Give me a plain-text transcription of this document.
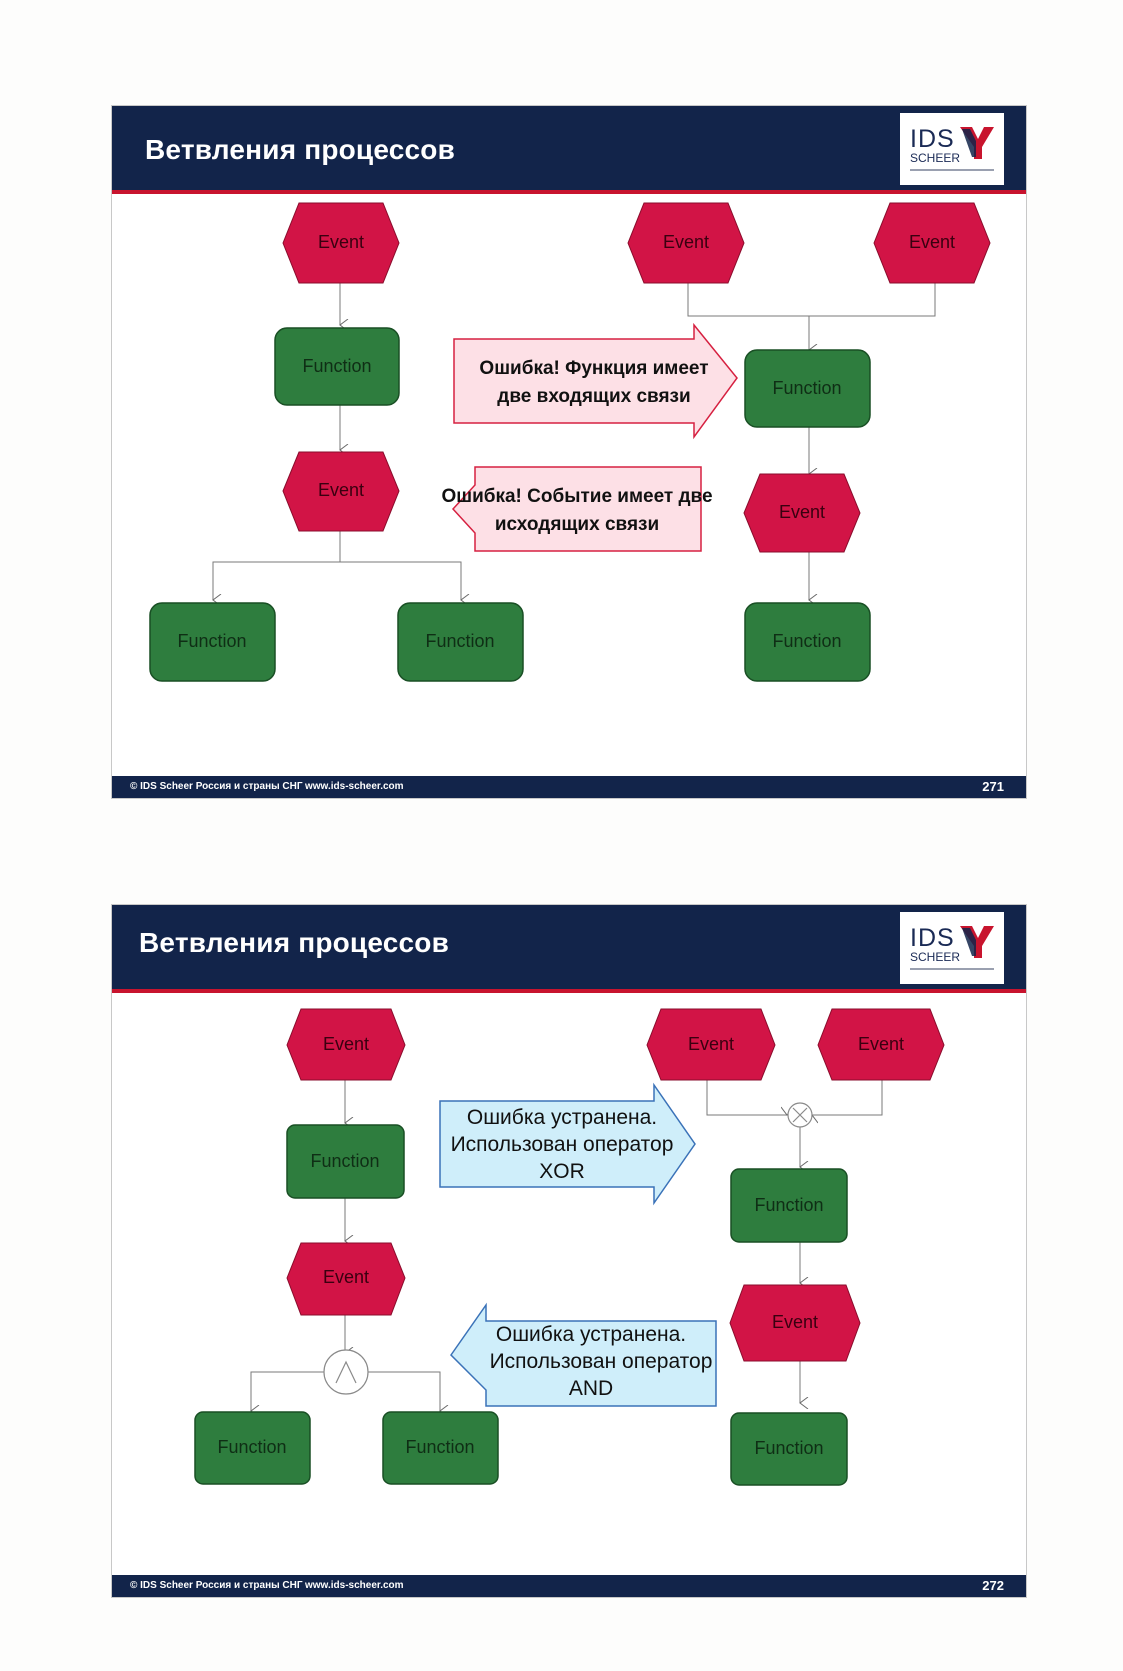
Ветвления процессов	IDS
SCHEER
Ошибка! Функция имеет
две входящих связи
Ошибка! Событие имеет две
исходящих связи
Event
Function
Event
Function	Function
Event	Event
Function
Event
Function
© IDS Scheer Россия и страны СНГ www.ids-scheer.com	271
Ветвления процессов	IDS
SCHEER
Ошибка устранена.
Использован оператор
XOR
Ошибка устранена.
Использован оператор
AND
Event
Function
Event
Function	Function
Event	Event
Function
Event
Function
© IDS Scheer Россия и страны СНГ www.ids-scheer.com	272
